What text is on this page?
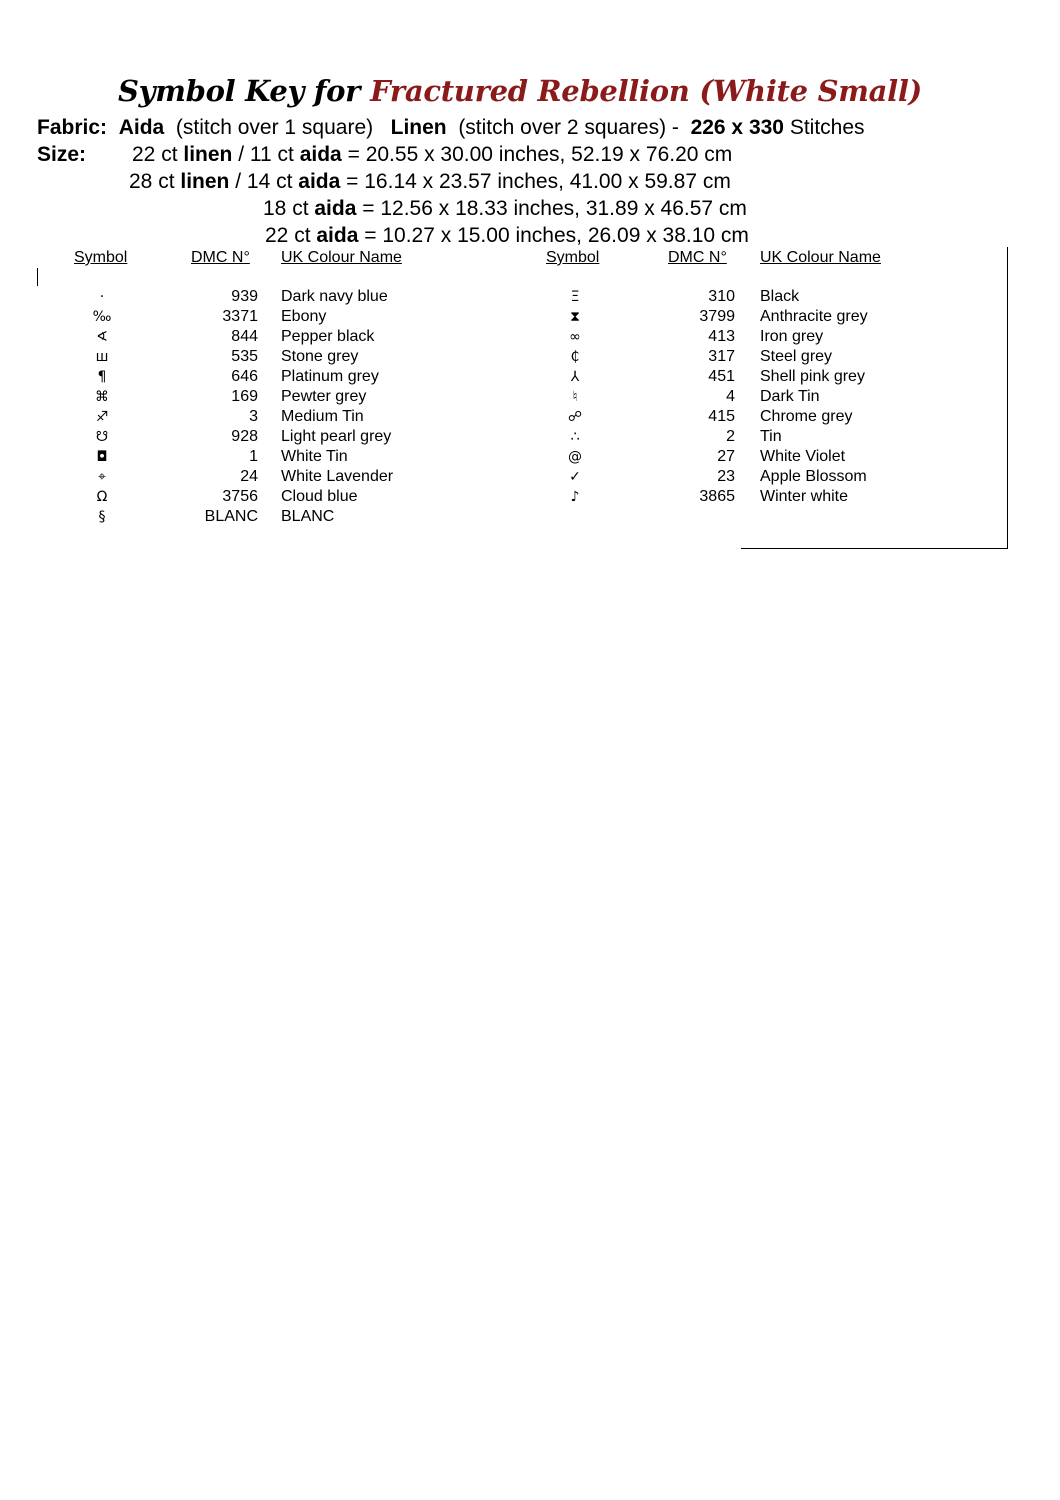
Symbol Key for Fractured Rebellion (White Small)
Fabric: Aida (stitch over 1 square) Linen (stitch over 2 squares) - 226 x 330 Stitches
Size: 22 ct linen / 11 ct aida = 20.55 x 30.00 inches, 52.19 x 76.20 cm
28 ct linen / 14 ct aida = 16.14 x 23.57 inches, 41.00 x 59.87 cm
18 ct aida = 12.56 x 18.33 inches, 31.89 x 46.57 cm
22 ct aida = 10.27 x 15.00 inches, 26.09 x 38.10 cm
Symbol	DMC N° UK Colour Name	Symbol	DMC N° UK Colour Name
·	939 Dark navy blue
‰	3371 Ebony
∢	844 Pepper black
ш	535 Stone grey
¶	646 Platinum grey
⌘	169 Pewter grey
♐	3 Medium Tin
☋	928 Light pearl grey
◘	1 White Tin
⌖	24 White Lavender
Ω	3756 Cloud blue
§	BLANC BLANC
Ξ	310 Black
⧗	3799 Anthracite grey
∞	413 Iron grey
₵	317 Steel grey
⅄	451 Shell pink grey
♮	4 Dark Tin
☍	415 Chrome grey
∴	2 Tin
@	27 White Violet
✓	23 Apple Blossom
♪	3865 Winter white
